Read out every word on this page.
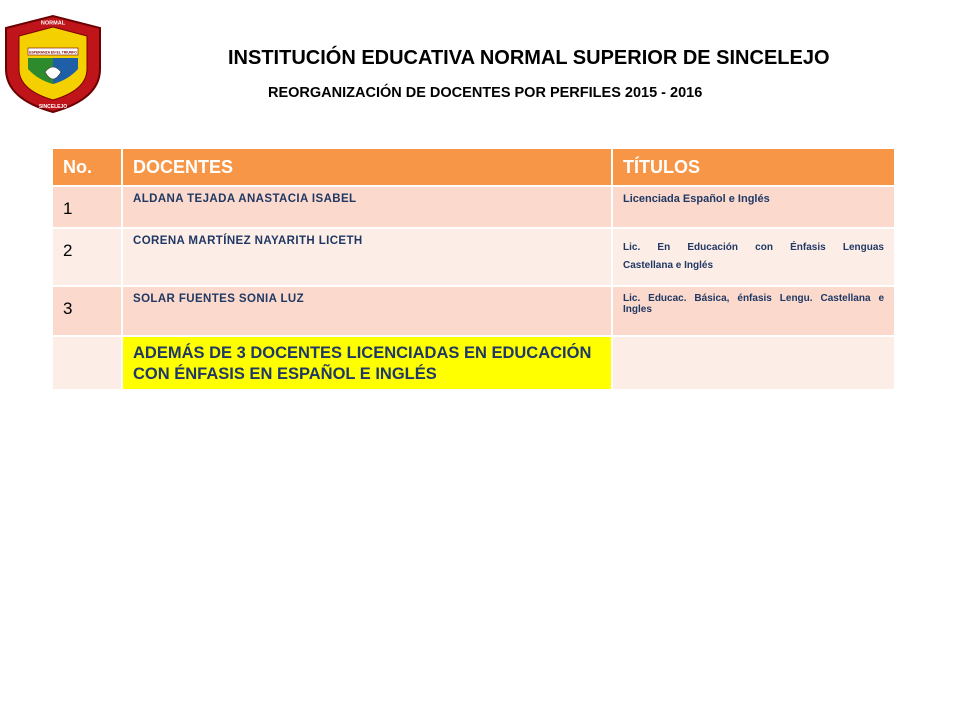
NORMAL
ESPERANZA EN EL TRIUNFO
SINCELEJO
INSTITUCIÓN EDUCATIVA NORMAL SUPERIOR DE SINCELEJO
REORGANIZACIÓN DE DOCENTES POR PERFILES 2015 - 2016
No.	DOCENTES	TÍTULOS
1	ALDANA TEJADA ANASTACIA ISABEL	Licenciada Español e Inglés
2	CORENA MARTÍNEZ NAYARITH LICETH	Lic. En Educación con Énfasis Lenguas
Castellana e Inglés

3	SOLAR FUENTES SONIA LUZ	Lic. Educac. Básica, énfasis Lengu. Castellana e Ingles
	ADEMÁS DE 3 DOCENTES LICENCIADAS EN EDUCACIÓN CON ÉNFASIS EN ESPAÑOL E INGLÉS	
